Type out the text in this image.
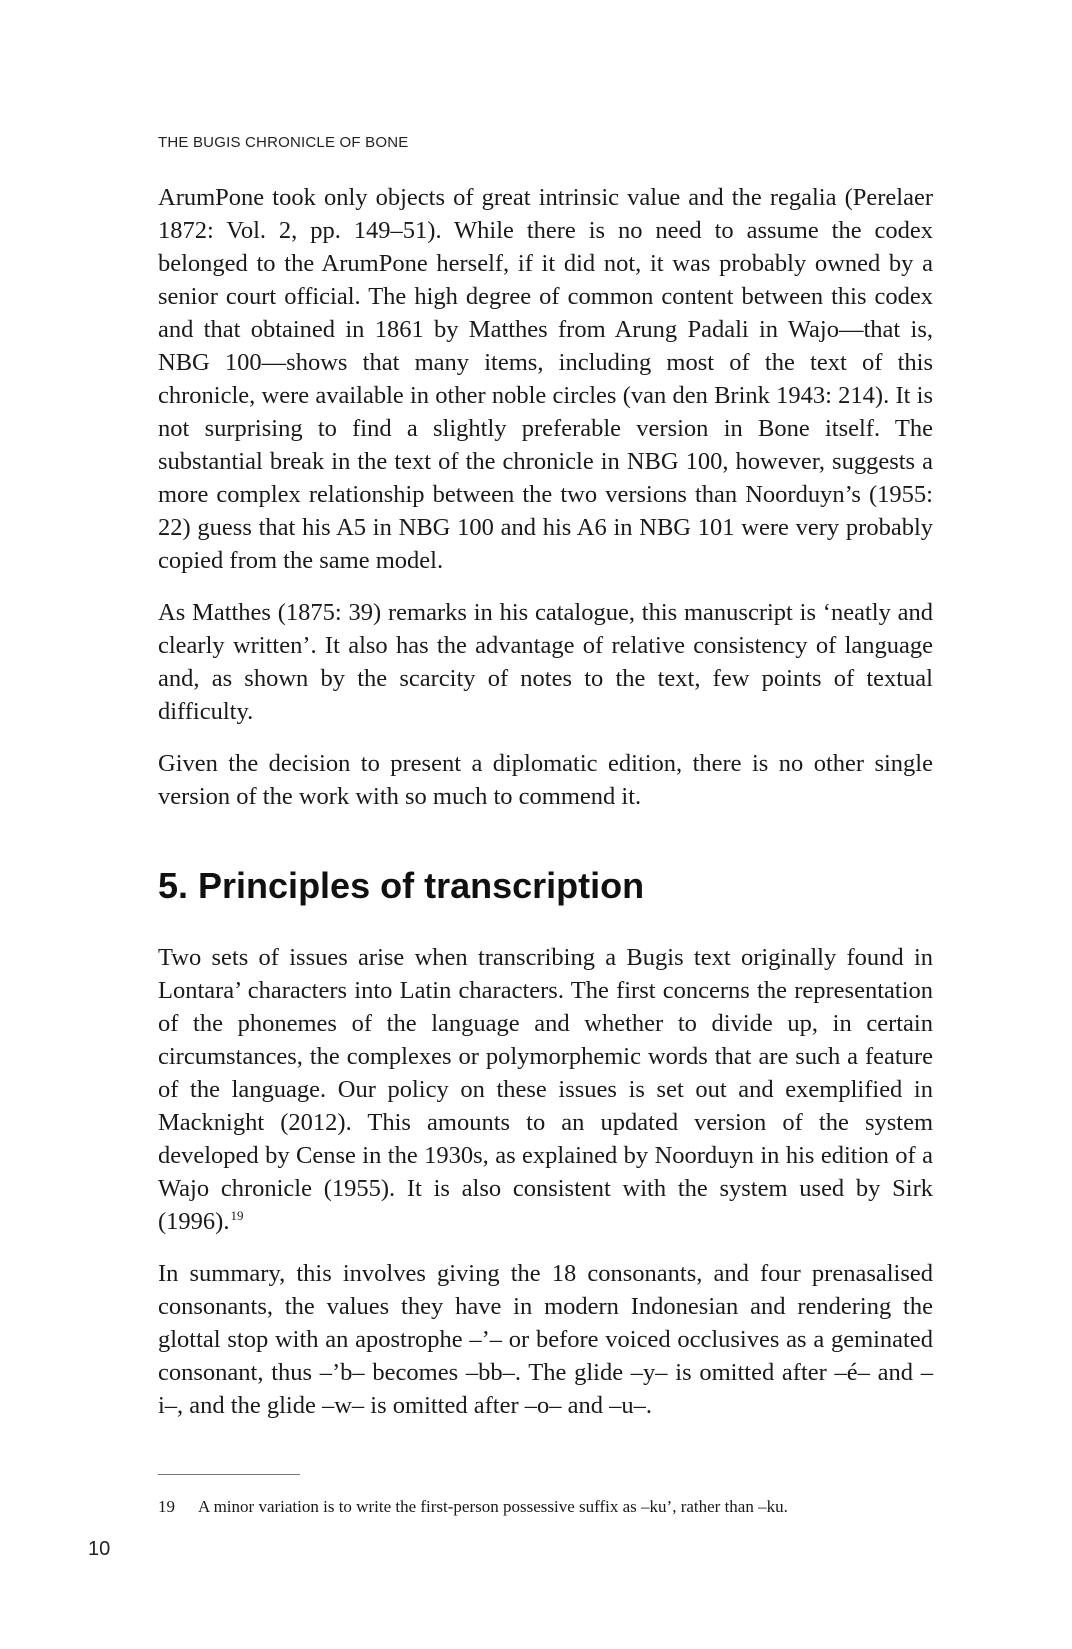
THE BUGIS CHRONICLE OF BONE

ArumPone took only objects of great intrinsic value and the regalia (Perelaer 1872: Vol. 2, pp. 149–51). While there is no need to assume the codex belonged to the ArumPone herself, if it did not, it was probably owned by a senior court official. The high degree of common content between this codex and that obtained in 1861 by Matthes from Arung Padali in Wajo—that is, NBG 100—shows that many items, including most of the text of this chronicle, were available in other noble circles (van den Brink 1943: 214). It is not surprising to find a slightly preferable version in Bone itself. The substantial break in the text of the chronicle in NBG 100, however, suggests a more complex relationship between the two versions than Noorduyn’s (1955: 22) guess that his A5 in NBG 100 and his A6 in NBG 101 were very probably copied from the same model.

As Matthes (1875: 39) remarks in his catalogue, this manuscript is ‘neatly and clearly written’. It also has the advantage of relative consistency of language and, as shown by the scarcity of notes to the text, few points of textual difficulty.

Given the decision to present a diplomatic edition, there is no other single version of the work with so much to commend it.

5. Principles of transcription

Two sets of issues arise when transcribing a Bugis text originally found in Lontara’ characters into Latin characters. The first concerns the representation of the phonemes of the language and whether to divide up, in certain circumstances, the complexes or polymorphemic words that are such a feature of the language. Our policy on these issues is set out and exemplified in Macknight (2012). This amounts to an updated version of the system developed by Cense in the 1930s, as explained by Noorduyn in his edition of a Wajo chronicle (1955). It is also consistent with the system used by Sirk (1996).$^{19}$

In summary, this involves giving the 18 consonants, and four prenasalised consonants, the values they have in modern Indonesian and rendering the glottal stop with an apostrophe –’– or before voiced occlusives as a geminated consonant, thus –’b– becomes –bb–. The glide –y– is omitted after –é– and –i–, and the glide –w– is omitted after –o– and –u–.

19 A minor variation is to write the first-person possessive suffix as –ku’, rather than –ku.
10
